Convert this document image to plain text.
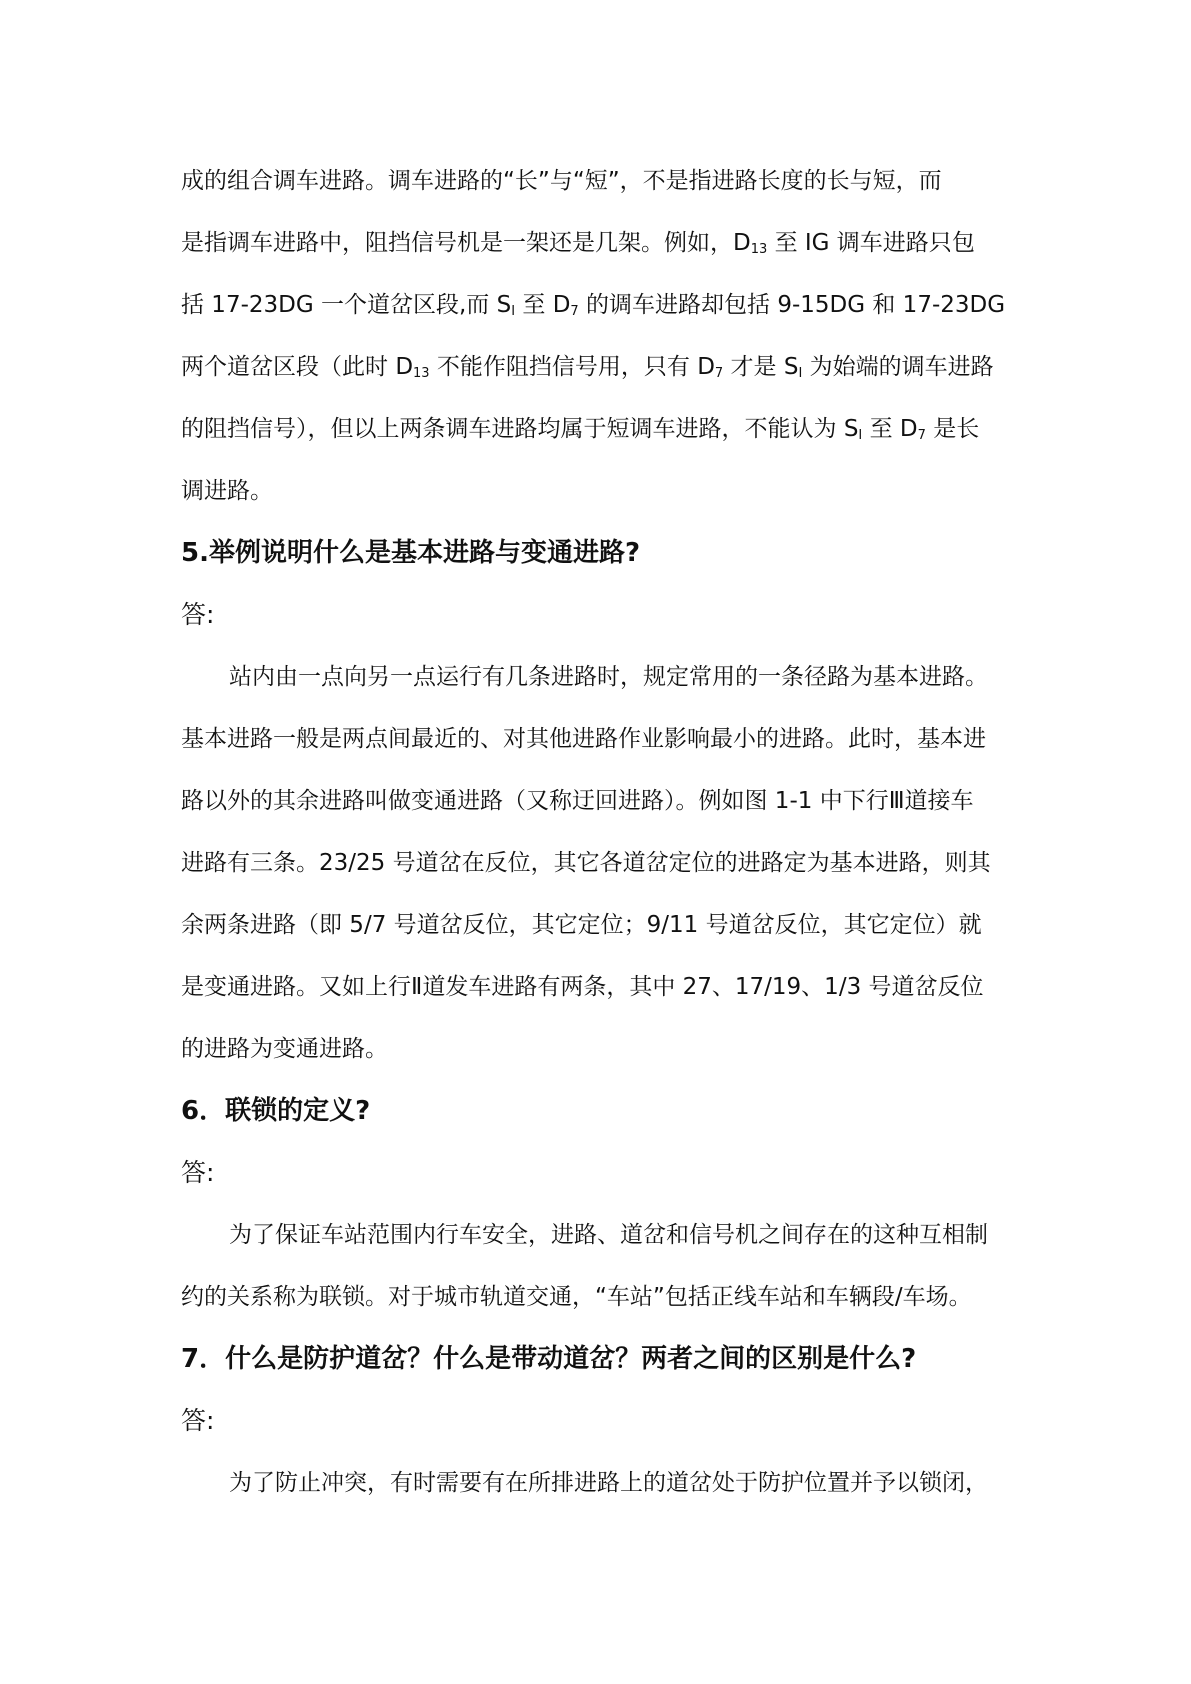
成的组合调车进路。调车进路的“长”与“短”，不是指进路长度的长与短，而
是指调车进路中，阻挡信号机是一架还是几架。例如，$D_{13}$ 至 IG 调车进路只包
括 17-23DG 一个道岔区段,而 $S_I$ 至 $D_7$ 的调车进路却包括 9-15DG 和 17-23DG
两个道岔区段（此时 $D_{13}$ 不能作阻挡信号用，只有 $D_7$ 才是 $S_I$ 为始端的调车进路
的阻挡信号），但以上两条调车进路均属于短调车进路，不能认为 $S_I$ 至 $D_7$ 是长
调进路。
5.举例说明什么是基本进路与变通进路?
答:
站内由一点向另一点运行有几条进路时，规定常用的一条径路为基本进路。
基本进路一般是两点间最近的、对其他进路作业影响最小的进路。此时，基本进
路以外的其余进路叫做变通进路（又称迂回进路）。例如图 1-1 中下行Ⅲ道接车
进路有三条。23/25 号道岔在反位，其它各道岔定位的进路定为基本进路，则其
余两条进路（即 5/7 号道岔反位，其它定位；9/11 号道岔反位，其它定位）就
是变通进路。又如上行Ⅱ道发车进路有两条，其中 27、17/19、1/3 号道岔反位
的进路为变通进路。
6．联锁的定义?
答:
为了保证车站范围内行车安全，进路、道岔和信号机之间存在的这种互相制
约的关系称为联锁。对于城市轨道交通，“车站”包括正线车站和车辆段/车场。
7．什么是防护道岔？什么是带动道岔？两者之间的区别是什么?
答:
为了防止冲突，有时需要有在所排进路上的道岔处于防护位置并予以锁闭，
